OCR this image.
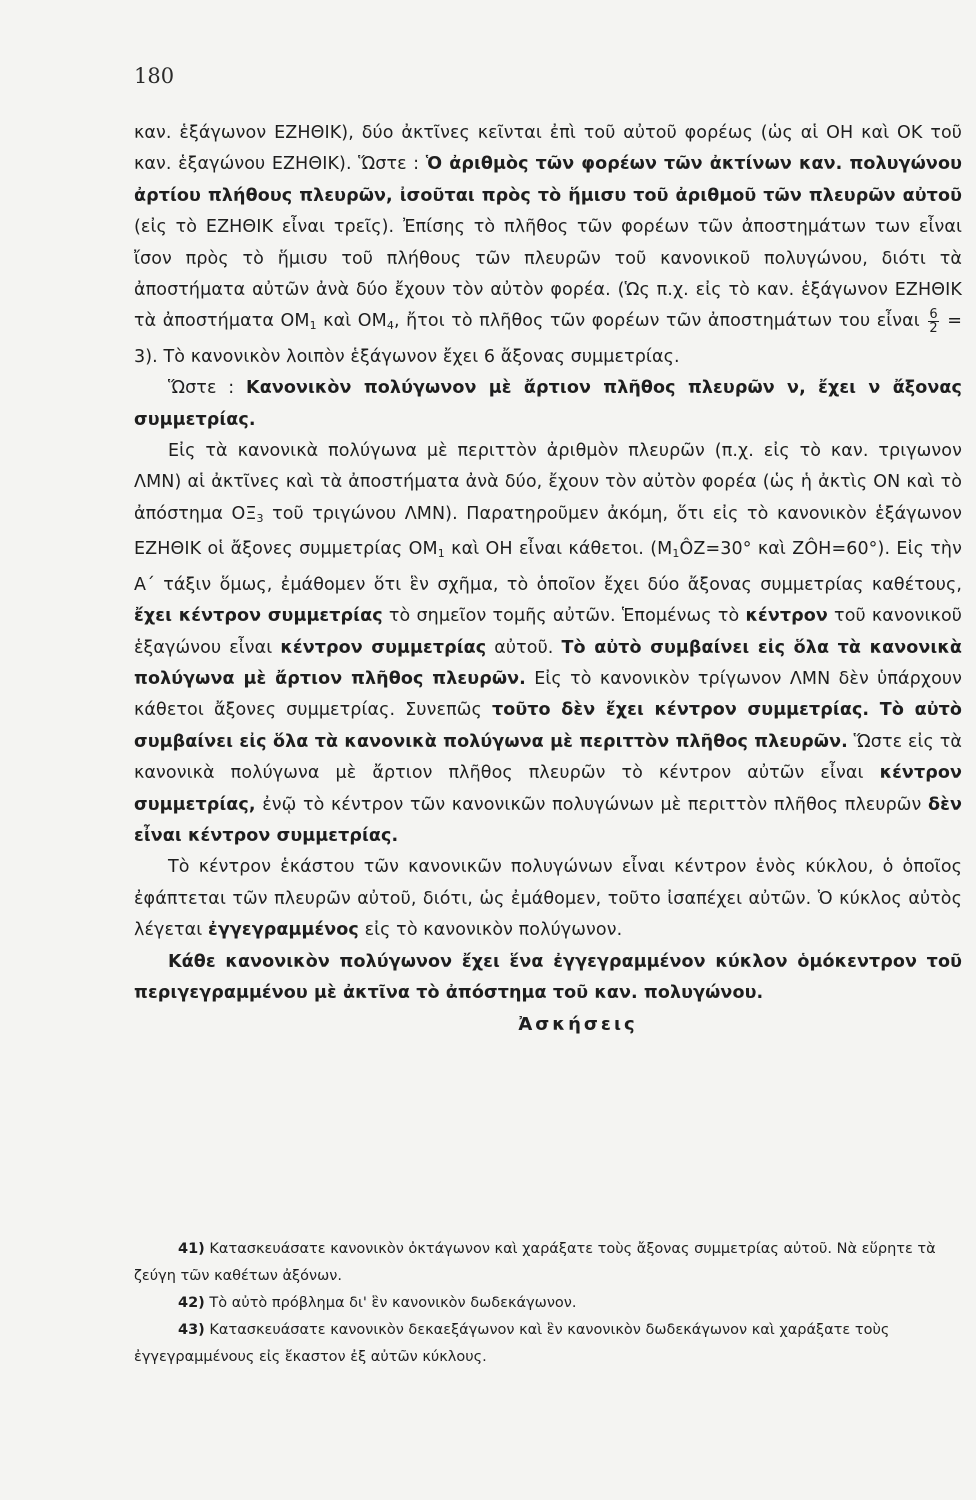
180

καν. ἑξάγωνον ΕΖΗΘΙΚ), δύο ἀκτῖνες κεῖνται ἐπὶ τοῦ αὐτοῦ φορέως (ὡς αἱ ΟΗ καὶ ΟΚ τοῦ καν. ἑξαγώνου ΕΖΗΘΙΚ). Ὥστε : Ὁ ἀριθμὸς τῶν φορέων τῶν ἀκτίνων καν. πολυγώνου ἀρτίου πλήθους πλευρῶν, ἰσοῦται πρὸς τὸ ἥμισυ τοῦ ἀριθμοῦ τῶν πλευρῶν αὐτοῦ (εἰς τὸ ΕΖΗΘΙΚ εἶναι τρεῖς). Ἐπίσης τὸ πλῆθος τῶν φορέων τῶν ἀποστημάτων των εἶναι ἴσον πρὸς τὸ ἥμισυ τοῦ πλήθους τῶν πλευρῶν τοῦ κανονικοῦ πολυγώνου, διότι τὰ ἀποστήματα αὐτῶν ἀνὰ δύο ἔχουν τὸν αὐτὸν φορέα. (Ὡς π.χ. εἰς τὸ καν. ἑξάγωνον ΕΖΗΘΙΚ τὰ ἀποστήματα $OM_1$ καὶ $OM_4$, ἤτοι τὸ πλῆθος τῶν φορέων τῶν ἀποστημάτων του εἶναι $\frac{6}{2} = 3$). Τὸ κανονικὸν λοιπὸν ἑξάγωνον ἔχει 6 ἄξονας συμμετρίας.

Ὥστε : Κανονικὸν πολύγωνον μὲ ἄρτιον πλῆθος πλευρῶν ν, ἔχει ν ἄξονας συμμετρίας.

Εἰς τὰ κανονικὰ πολύγωνα μὲ περιττὸν ἀριθμὸν πλευρῶν (π.χ. εἰς τὸ καν. τριγωνον ΛΜΝ) αἱ ἀκτῖνες καὶ τὰ ἀποστήματα ἀνὰ δύο, ἔχουν τὸν αὐτὸν φορέα (ὡς ἡ ἀκτὶς ΟΝ καὶ τὸ ἀπόστημα $O\Xi_3$ τοῦ τριγώνου ΛΜΝ). Παρατηροῦμεν ἀκόμη, ὅτι εἰς τὸ κανονικὸν ἑξάγωνον ΕΖΗΘΙΚ οἱ ἄξονες συμμετρίας $OM_1$ καὶ ΟΗ εἶναι κάθετοι. ($M_1ÔZ=30^\circ$ καὶ ΖÔΗ=60°). Εἰς τὴν Α΄ τάξιν ὅμως, ἐμάθομεν ὅτι ἓν σχῆμα, τὸ ὁποῖον ἔχει δύο ἄξονας συμμετρίας καθέτους, ἔχει κέντρον συμμετρίας τὸ σημεῖον τομῆς αὐτῶν. Ἑπομένως τὸ κέντρον τοῦ κανονικοῦ ἑξαγώνου εἶναι κέντρον συμμετρίας αὐτοῦ. Τὸ αὐτὸ συμβαίνει εἰς ὅλα τὰ κανονικὰ πολύγωνα μὲ ἄρτιον πλῆθος πλευρῶν. Εἰς τὸ κανονικὸν τρίγωνον ΛΜΝ δὲν ὑπάρχουν κάθετοι ἄξονες συμμετρίας. Συνεπῶς τοῦτο δὲν ἔχει κέντρον συμμετρίας. Τὸ αὐτὸ συμβαίνει εἰς ὅλα τὰ κανονικὰ πολύγωνα μὲ περιττὸν πλῆθος πλευρῶν. Ὥστε εἰς τὰ κανονικὰ πολύγωνα μὲ ἄρτιον πλῆθος πλευρῶν τὸ κέντρον αὐτῶν εἶναι κέντρον συμμετρίας, ἐνῷ τὸ κέντρον τῶν κανονικῶν πολυγώνων μὲ περιττὸν πλῆθος πλευρῶν δὲν εἶναι κέντρον συμμετρίας.

Τὸ κέντρον ἑκάστου τῶν κανονικῶν πολυγώνων εἶναι κέντρον ἑνὸς κύκλου, ὁ ὁποῖος ἐφάπτεται τῶν πλευρῶν αὐτοῦ, διότι, ὡς ἐμάθομεν, τοῦτο ἰσαπέχει αὐτῶν. Ὁ κύκλος αὐτὸς λέγεται ἐγγεγραμμένος εἰς τὸ κανονικὸν πολύγωνον.

Κάθε κανονικὸν πολύγωνον ἔχει ἕνα ἐγγεγραμμένον κύκλον ὁμόκεντρον τοῦ περιγεγραμμένου μὲ ἀκτῖνα τὸ ἀπόστημα τοῦ καν. πολυγώνου.

Ἀσκήσεις

41) Κατασκευάσατε κανονικὸν ὀκτάγωνον καὶ χαράξατε τοὺς ἄξονας συμμετρίας αὐτοῦ. Νὰ εὕρητε τὰ ζεύγη τῶν καθέτων ἀξόνων.

42) Τὸ αὐτὸ πρόβλημα δι' ἓν κανονικὸν δωδεκάγωνον.

43) Κατασκευάσατε κανονικὸν δεκαεξάγωνον καὶ ἓν κανονικὸν δωδεκάγωνον καὶ χαράξατε τοὺς ἐγγεγραμμένους εἰς ἕκαστον ἐξ αὐτῶν κύκλους.
